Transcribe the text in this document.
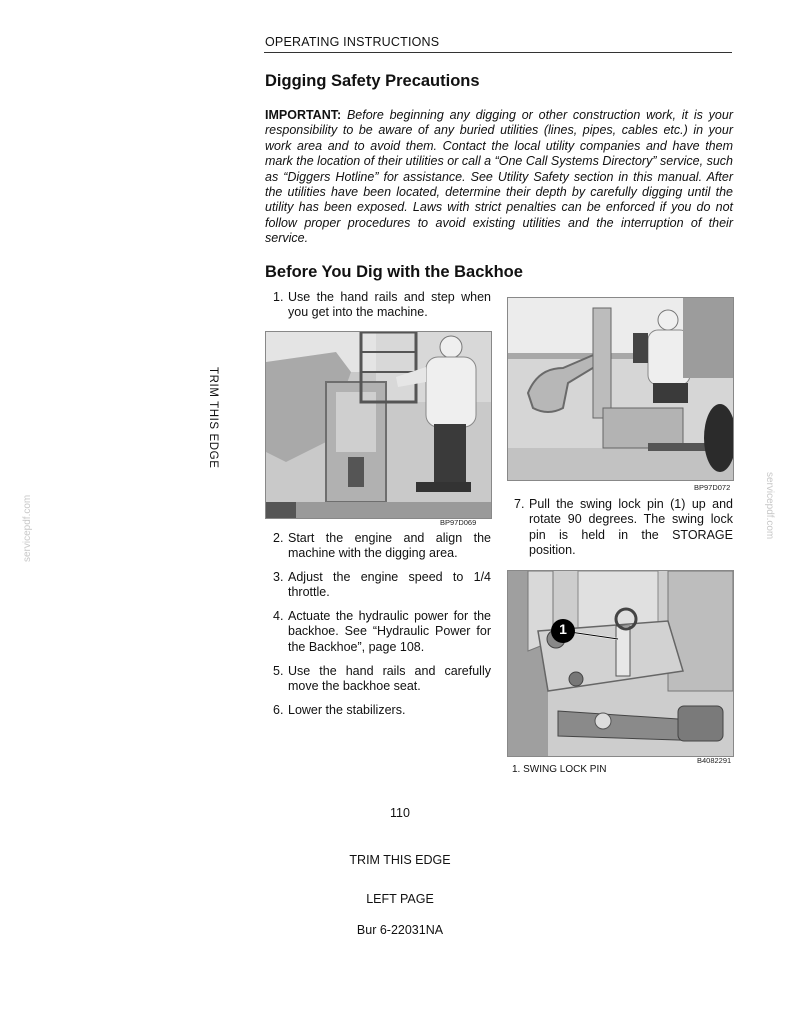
OPERATING INSTRUCTIONS
Digging Safety Precautions
IMPORTANT: Before beginning any digging or other construction work, it is your responsibility to be aware of any buried utilities (lines, pipes, cables etc.) in your work area and to avoid them. Contact the local utility companies and have them mark the location of their utilities or call a “One Call Systems Directory” service, such as “Diggers Hotline” for assistance. See Utility Safety section in this manual. After the utilities have been located, determine their depth by carefully digging until the utility has been exposed. Laws with strict penalties can be enforced if you do not follow proper procedures to avoid existing utilities and the interruption of their service.
Before You Dig with the Backhoe
1. Use the hand rails and step when you get into the machine.
BP97D069
2. Start the engine and align the machine with the digging area.
3. Adjust the engine speed to 1/4 throttle.
4. Actuate the hydraulic power for the backhoe. See “Hydraulic Power for the Backhoe”, page 108.
5. Use the hand rails and carefully move the backhoe seat.
6. Lower the stabilizers.
BP97D072
7. Pull the swing lock pin (1) up and rotate 90 degrees. The swing lock pin is held in the STORAGE position.
1
B4082291
1. SWING LOCK PIN
110
TRIM THIS EDGE
LEFT PAGE
Bur 6-22031NA
TRIM THIS EDGE
servicepdf.com	servicepdf.com
